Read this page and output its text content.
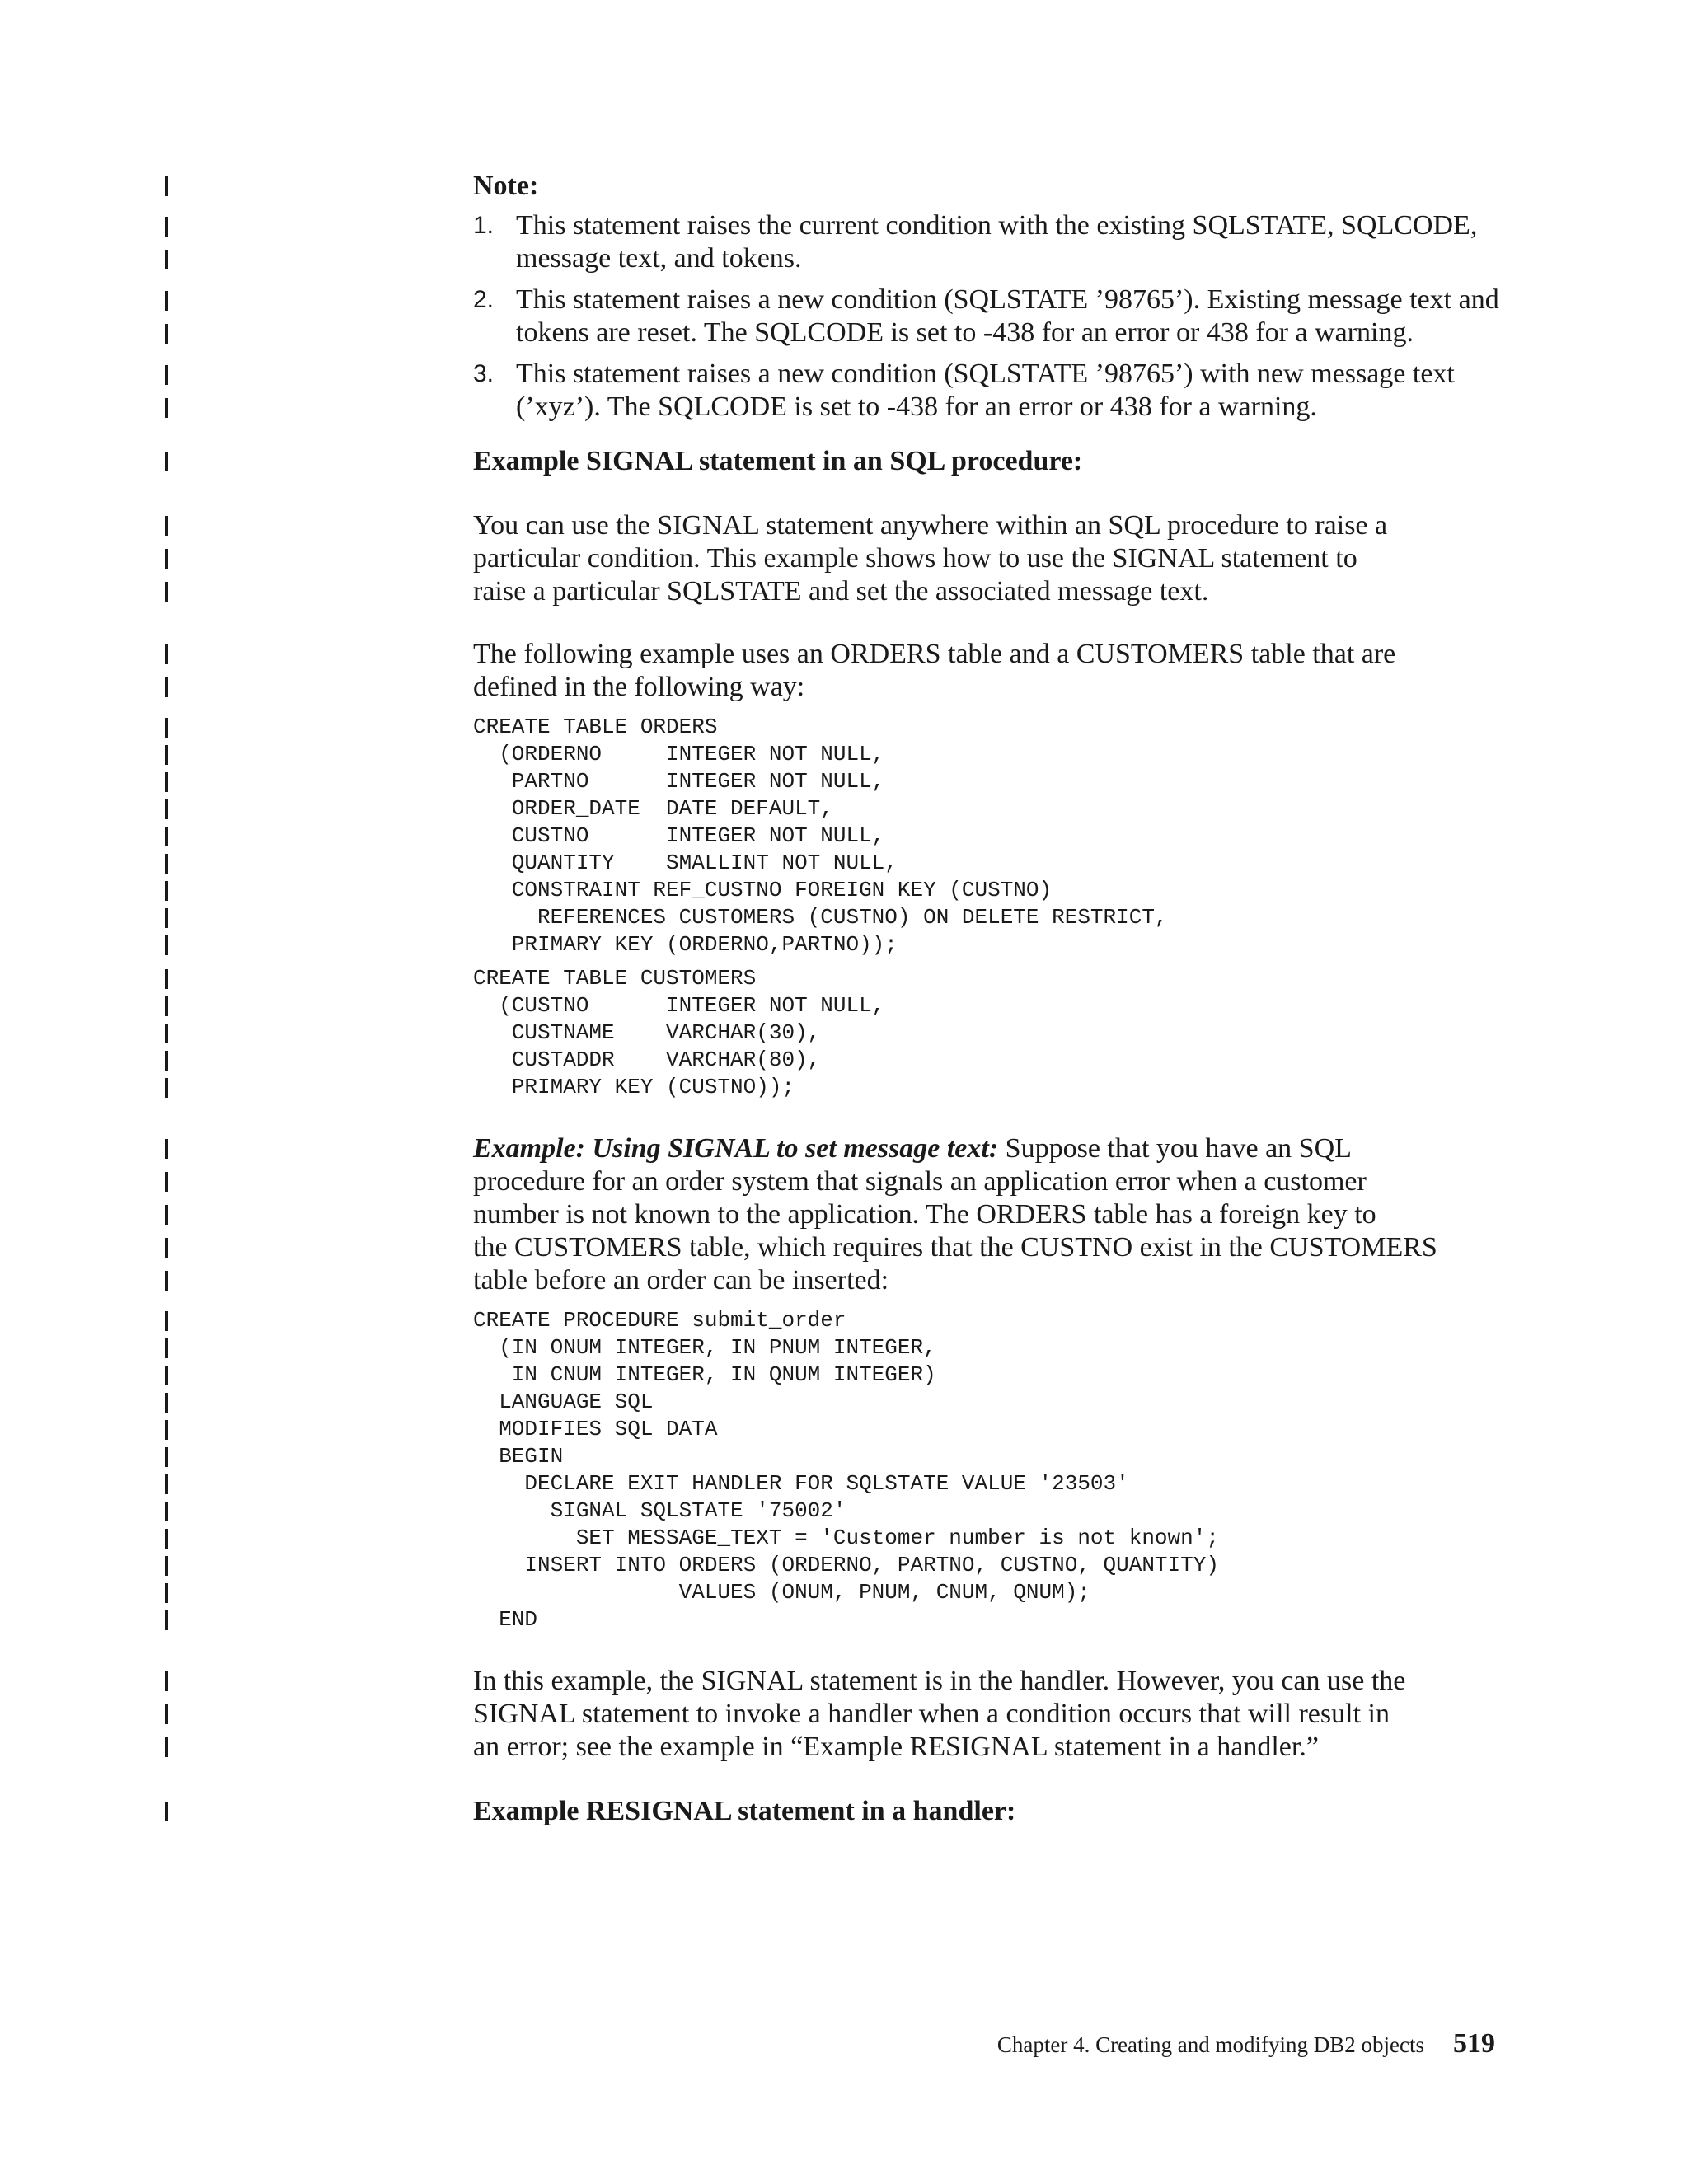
Note:
1. This statement raises the current condition with the existing SQLSTATE, SQLCODE, message text, and tokens.
2. This statement raises a new condition (SQLSTATE ’98765’). Existing message text and tokens are reset. The SQLCODE is set to -438 for an error or 438 for a warning.
3. This statement raises a new condition (SQLSTATE ’98765’) with new message text (’xyz’). The SQLCODE is set to -438 for an error or 438 for a warning.
Example SIGNAL statement in an SQL procedure:
You can use the SIGNAL statement anywhere within an SQL procedure to raise a
particular condition. This example shows how to use the SIGNAL statement to
raise a particular SQLSTATE and set the associated message text.
The following example uses an ORDERS table and a CUSTOMERS table that are
defined in the following way:
CREATE TABLE ORDERS
(ORDERNO     INTEGER NOT NULL,
PARTNO      INTEGER NOT NULL,
ORDER_DATE  DATE DEFAULT,
CUSTNO      INTEGER NOT NULL,
QUANTITY    SMALLINT NOT NULL,
CONSTRAINT REF_CUSTNO FOREIGN KEY (CUSTNO)
REFERENCES CUSTOMERS (CUSTNO) ON DELETE RESTRICT,
PRIMARY KEY (ORDERNO,PARTNO));
CREATE TABLE CUSTOMERS
(CUSTNO      INTEGER NOT NULL,
CUSTNAME    VARCHAR(30),
CUSTADDR    VARCHAR(80),
PRIMARY KEY (CUSTNO));
Example: Using SIGNAL to set message text: Suppose that you have an SQL
procedure for an order system that signals an application error when a customer
number is not known to the application. The ORDERS table has a foreign key to
the CUSTOMERS table, which requires that the CUSTNO exist in the CUSTOMERS
table before an order can be inserted:
CREATE PROCEDURE submit_order
(IN ONUM INTEGER, IN PNUM INTEGER,
IN CNUM INTEGER, IN QNUM INTEGER)
LANGUAGE SQL
MODIFIES SQL DATA
BEGIN
DECLARE EXIT HANDLER FOR SQLSTATE VALUE '23503'
SIGNAL SQLSTATE '75002'
SET MESSAGE_TEXT = 'Customer number is not known';
INSERT INTO ORDERS (ORDERNO, PARTNO, CUSTNO, QUANTITY)
VALUES (ONUM, PNUM, CNUM, QNUM);
END
In this example, the SIGNAL statement is in the handler. However, you can use the
SIGNAL statement to invoke a handler when a condition occurs that will result in
an error; see the example in “Example RESIGNAL statement in a handler.”
Example RESIGNAL statement in a handler:
Chapter 4. Creating and modifying DB2 objects 519
